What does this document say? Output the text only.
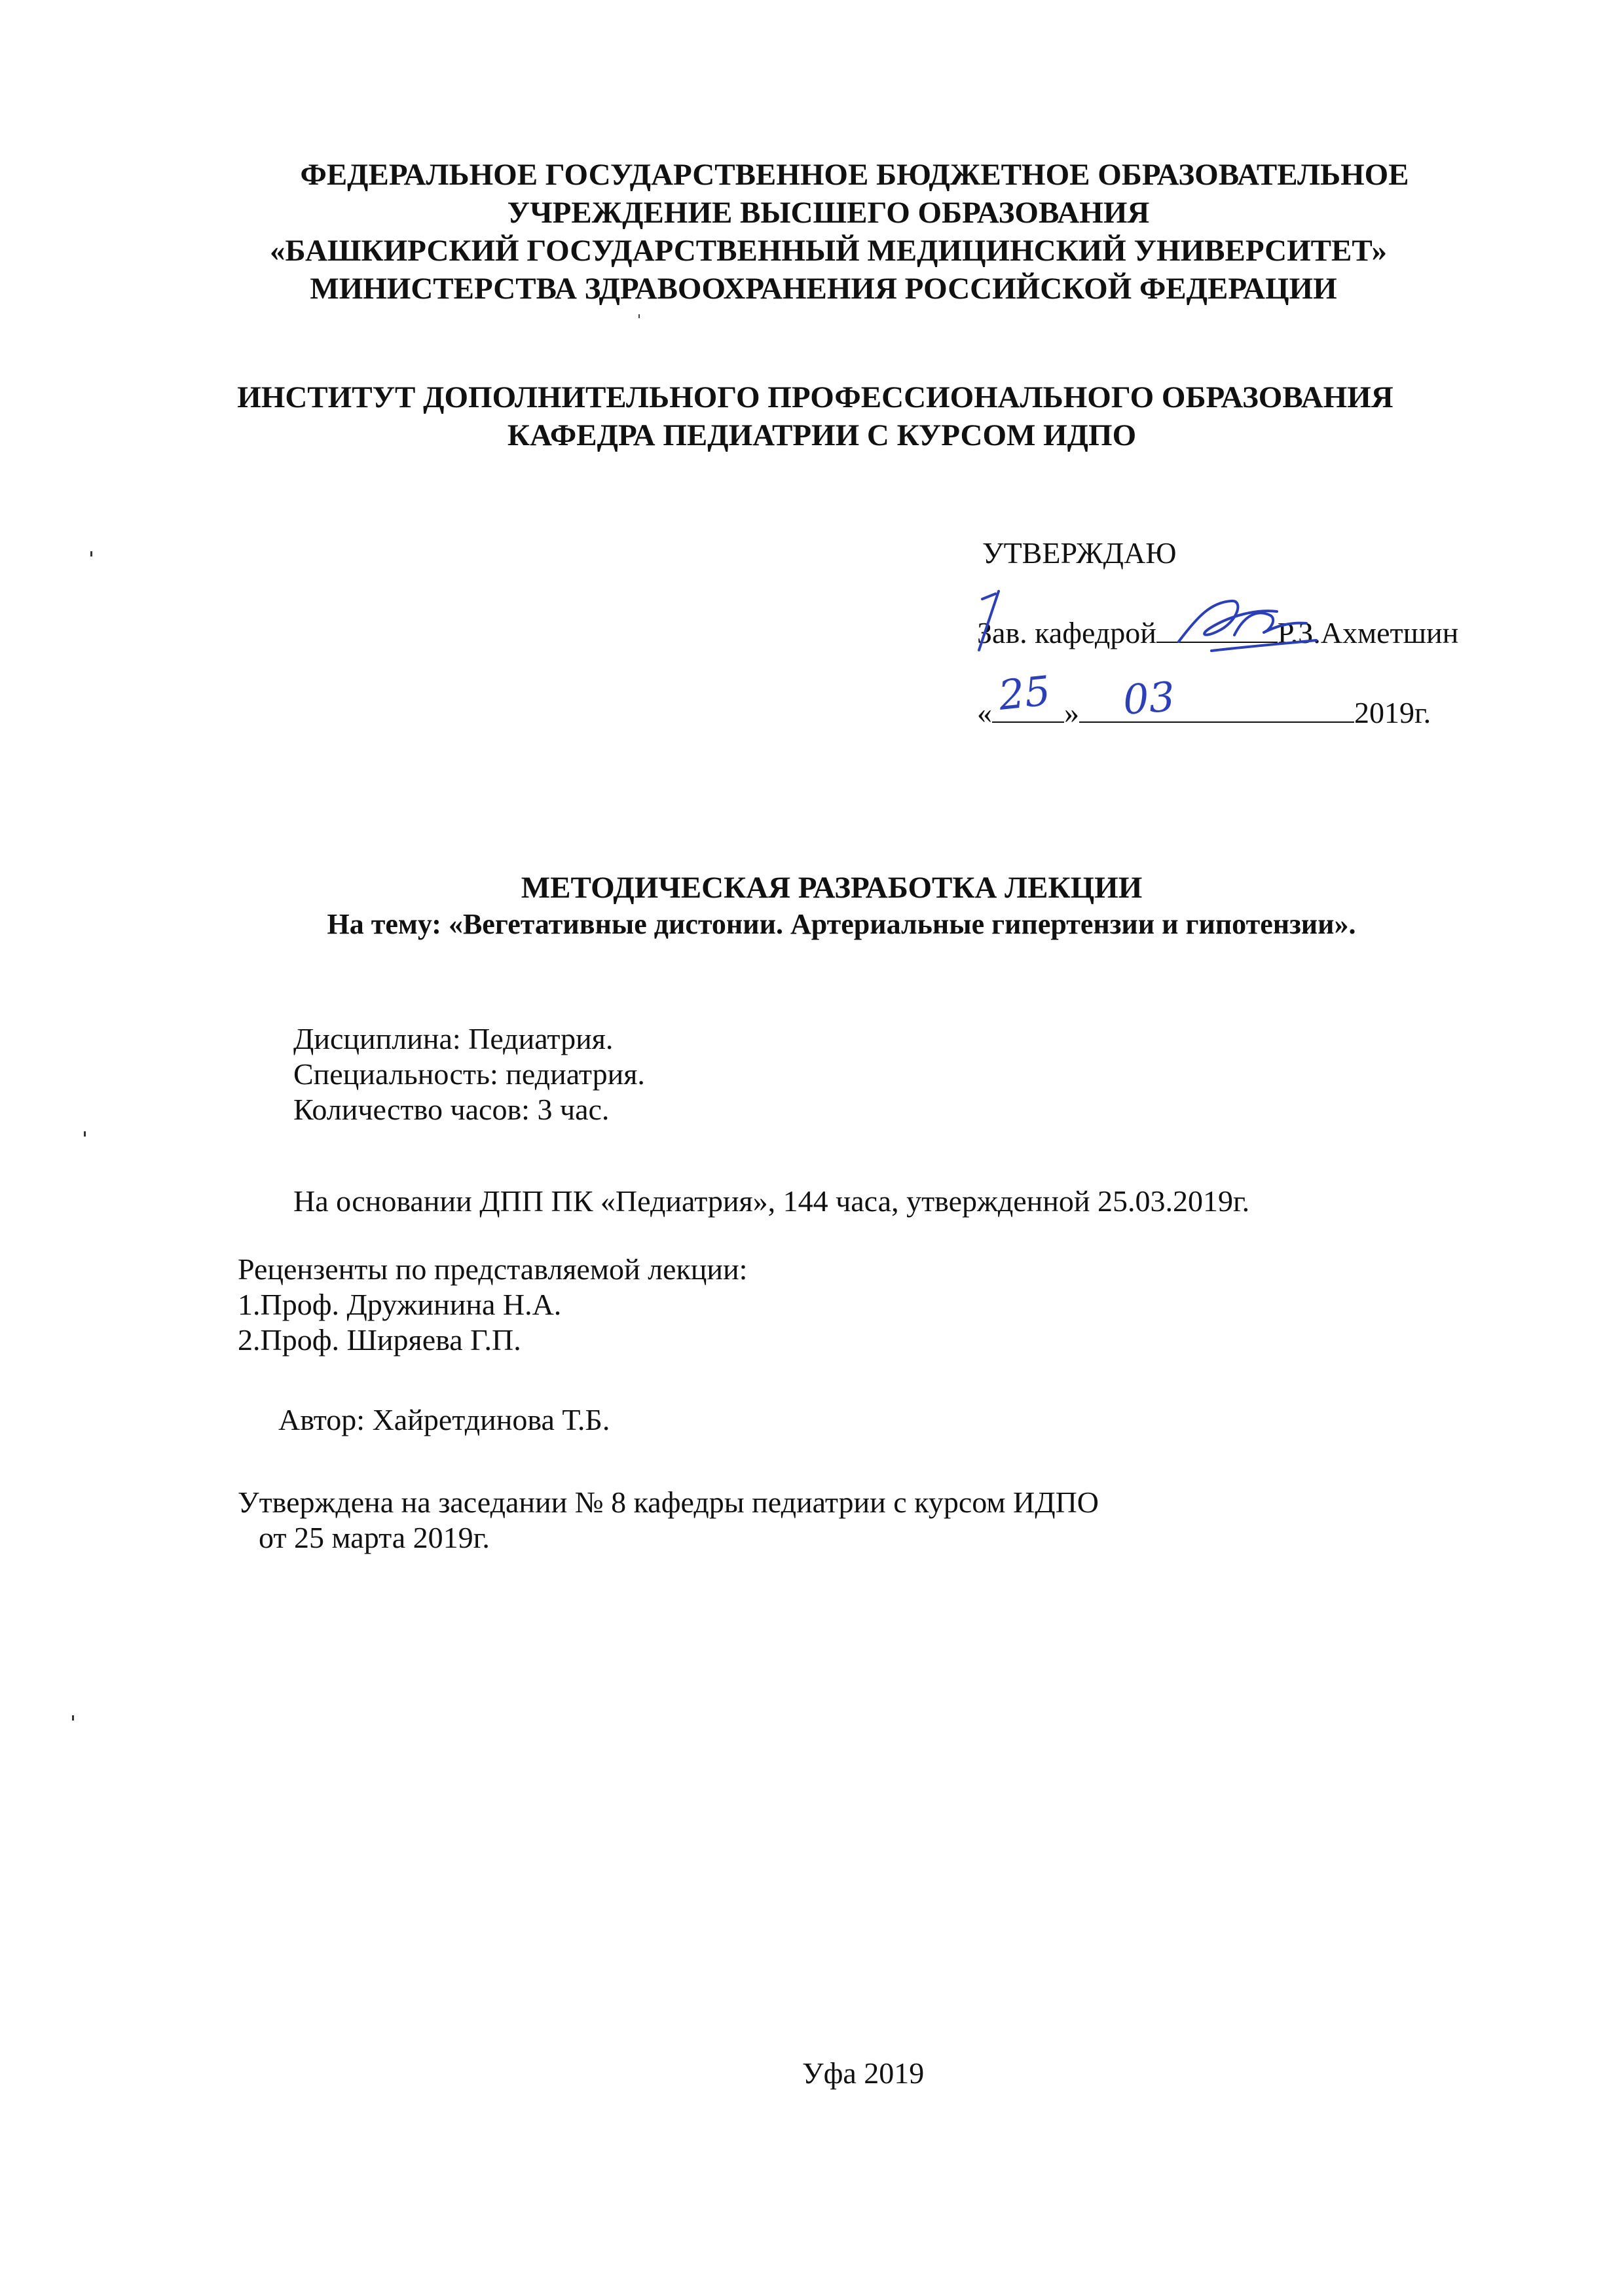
ФЕДЕРАЛЬНОЕ ГОСУДАРСТВЕННОЕ БЮДЖЕТНОЕ ОБРАЗОВАТЕЛЬНОЕ
УЧРЕЖДЕНИЕ ВЫСШЕГО ОБРАЗОВАНИЯ
«БАШКИРСКИЙ ГОСУДАРСТВЕННЫЙ МЕДИЦИНСКИЙ УНИВЕРСИТЕТ»
МИНИСТЕРСТВА ЗДРАВООХРАНЕНИЯ РОССИЙСКОЙ ФЕДЕРАЦИИ
ИНСТИТУТ ДОПОЛНИТЕЛЬНОГО ПРОФЕССИОНАЛЬНОГО ОБРАЗОВАНИЯ
КАФЕДРА ПЕДИАТРИИ С КУРСОМ ИДПО
УТВЕРЖДАЮ
Зав. кафедрой	Р.З.Ахметшин
« »	2019г.
25 03
МЕТОДИЧЕСКАЯ РАЗРАБОТКА ЛЕКЦИИ
На тему: «Вегетативные дистонии. Артериальные гипертензии и гипотензии».
Дисциплина: Педиатрия.
Специальность: педиатрия.
Количество часов: 3 час.
На основании ДПП ПК «Педиатрия», 144 часа, утвержденной 25.03.2019г.
Рецензенты по представляемой лекции:
1.Проф. Дружинина Н.А.
2.Проф. Ширяева Г.П.
Автор: Хайретдинова Т.Б.
Утверждена на заседании № 8 кафедры педиатрии с курсом ИДПО
от 25 марта 2019г.
Уфа 2019
